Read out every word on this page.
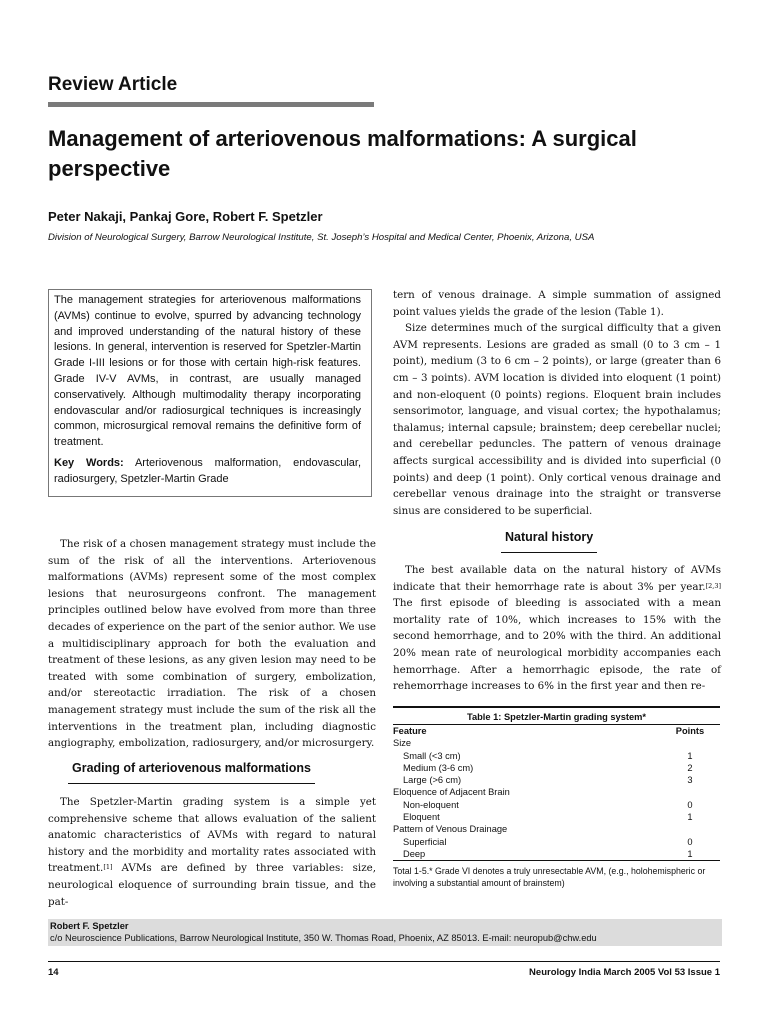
Review Article
Management of arteriovenous malformations: A surgical perspective
Peter Nakaji, Pankaj Gore, Robert F. Spetzler
Division of Neurological Surgery, Barrow Neurological Institute, St. Joseph’s Hospital and Medical Center, Phoenix, Arizona, USA

The management strategies for arteriovenous malformations (AVMs) continue to evolve, spurred by advancing technology and improved understanding of the natural history of these lesions. In general, intervention is reserved for Spetzler-Martin Grade I-III lesions or for those with certain high-risk features. Grade IV-V AVMs, in contrast, are usually managed conservatively. Although multimodality therapy incorporating endovascular and/or radiosurgical techniques is increasingly common, microsurgical removal remains the definitive form of treatment.

Key Words: Arteriovenous malformation, endovascular, radiosurgery, Spetzler-Martin Grade

The risk of a chosen management strategy must include the sum of the risk of all the interventions. Arteriovenous malformations (AVMs) represent some of the most complex lesions that neurosurgeons confront. The management principles outlined below have evolved from more than three decades of experience on the part of the senior author. We use a multidisciplinary approach for both the evaluation and treatment of these lesions, as any given lesion may need to be treated with some combination of surgery, embolization, and/or stereotactic irradiation. The risk of a chosen management strategy must include the sum of the risk all the interventions in the treatment plan, including diagnostic angiography, embolization, radiosurgery, and/or microsurgery.

Grading of arteriovenous malformations

The Spetzler-Martin grading system is a simple yet comprehensive scheme that allows evaluation of the salient anatomic characteristics of AVMs with regard to natural history and the morbidity and mortality rates associated with treatment.[1] AVMs are defined by three variables: size, neurological eloquence of surrounding brain tissue, and the pat-

tern of venous drainage. A simple summation of assigned point values yields the grade of the lesion (Table 1).

Size determines much of the surgical difficulty that a given AVM represents. Lesions are graded as small (0 to 3 cm – 1 point), medium (3 to 6 cm – 2 points), or large (greater than 6 cm – 3 points). AVM location is divided into eloquent (1 point) and non-eloquent (0 points) regions. Eloquent brain includes sensorimotor, language, and visual cortex; the hypothalamus; thalamus; internal capsule; brainstem; deep cerebellar nuclei; and cerebellar peduncles. The pattern of venous drainage affects surgical accessibility and is divided into superficial (0 points) and deep (1 point). Only cortical venous drainage and cerebellar venous drainage into the straight or transverse sinus are considered to be superficial.

Natural history

The best available data on the natural history of AVMs indicate that their hemorrhage rate is about 3% per year.[2,3] The first episode of bleeding is associated with a mean mortality rate of 10%, which increases to 15% with the second hemorrhage, and to 20% with the third. An additional 20% mean rate of neurological morbidity accompanies each hemorrhage. After a hemorrhagic episode, the rate of rehemorrhage increases to 6% in the first year and then re-

Table 1: Spetzler-Martin grading system*
Feature	Points
Size
Small (<3 cm)	1
Medium (3-6 cm)	2
Large (>6 cm)	3
Eloquence of Adjacent Brain
Non-eloquent	0
Eloquent	1
Pattern of Venous Drainage
Superficial	0
Deep	1
Total 1-5.* Grade VI denotes a truly unresectable AVM, (e.g., holohemispheric or involving a substantial amount of brainstem)
Robert F. Spetzler
c/o Neuroscience Publications, Barrow Neurological Institute, 350 W. Thomas Road, Phoenix, AZ 85013. E-mail: neuropub@chw.edu
14	Neurology India March 2005 Vol 53 Issue 1
